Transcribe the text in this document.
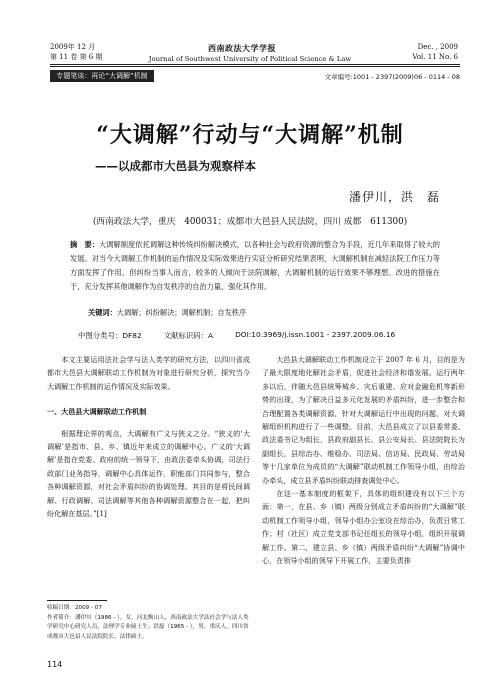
2009年 12 月
第 11 卷 第 6 期
西南政法大学学报
Journal of Southwest University of Political Science & Law
Dec. , 2009
Vol. 11 No. 6
专题笔谈：再论“大调解”机制	文章编号:1001 - 2397(2009)06 - 0114 - 08
“大调解”行动与“大调解”机制
——以成都市大邑县为观察样本
潘伊川，洪　磊
(西南政法大学，重庆　400031；成都市大邑县人民法院，四川 成都　611300)
摘　要：大调解制度依托调解这种传统纠纷解决模式，以各种社会与政府资源的整合为手段，近几年来取得了较大的发展。对当今大调解工作机制的运作情况及实际效果进行实证分析研究结果表明，大调解机制在减轻法院工作压力等方面发挥了作用。但纠纷当事人而言，较多的人倾向于法院调解，大调解机制的运行效果不够理想。改进的措施在于，充分发挥其他调解作为自发秩序的自治力量，强化其作用。
关键词：大调解；纠纷解决；调解机制；自发秩序
中图分类号：DF82	文献标识码：A	DOI:10.3969/j.issn.1001 - 2397.2009.06.16

本文主要运用法社会学与法人类学的研究方法，以四川省成都市大邑县大调解联动工作机制为对象进行研究分析，探究当今大调解工作机制的运作情况及实际效果。

一、大邑县大调解联动工作机制

根据理论界的观点，大调解有广义与狭义之分。“狭义的‘大调解’是指市、县、乡、镇近年来成立的调解中心。广义的‘大调解’是指在党委、政府的统一领导下，由政法委牵头协调，司法行政部门业务指导，调解中心具体运作，职能部门共同参与，整合各种调解资源，对社会矛盾纠纷的协调处理。其目的是将民间调解、行政调解、司法调解等其他各种调解资源整合在一起，把纠纷化解在基层。”[1]

大邑县大调解联动工作机制设立于 2007 年 6 月，目的是为了最大限度地化解社会矛盾，促进社会经济和谐发展。运行两年多以后，伴随大邑县统筹城乡、灾后重建、应对金融危机等新形势的出现，为了解决日益多元化发展的矛盾纠纷，进一步整合和合理配置各类调解资源，针对大调解运行中出现的问题，对大调解组织机构进行了一些调整。目前，大邑县成立了以县委常委、政法委书记为组长，县政府副县长、县公安局长、县法院院长为副组长，县综治办、维稳办、司法局、信访局、民政局、劳动局等十几家单位为成员的“大调解”联动机制工作领导小组，由综治办牵头，成立县矛盾纠纷联动排查调处中心。

在这一基本制度的框架下，具体的组织建设有以下三个方面：第一，在县、乡（镇）两级分别成立矛盾纠纷的“大调解”联动机制工作领导小组，领导小组办公室设在综治办，负责日常工作；村（社区）成立党支部书记任组长的领导小组，组织开展调解工作。第二，建立县、乡（镇）两级矛盾纠纷“大调解”协调中心，在领导小组的领导下开展工作，主要负责排

收稿日期：2009 - 07
作者简介：潘伊川（1986 - ），女，河北衡山人，西南政法大学法社会学与法人类学研究中心研究人员，法理学专业硕士生；洪磊（1965 - ），男，重庆人，四川省成都市大邑县人民法院院长，法律硕士。
114
